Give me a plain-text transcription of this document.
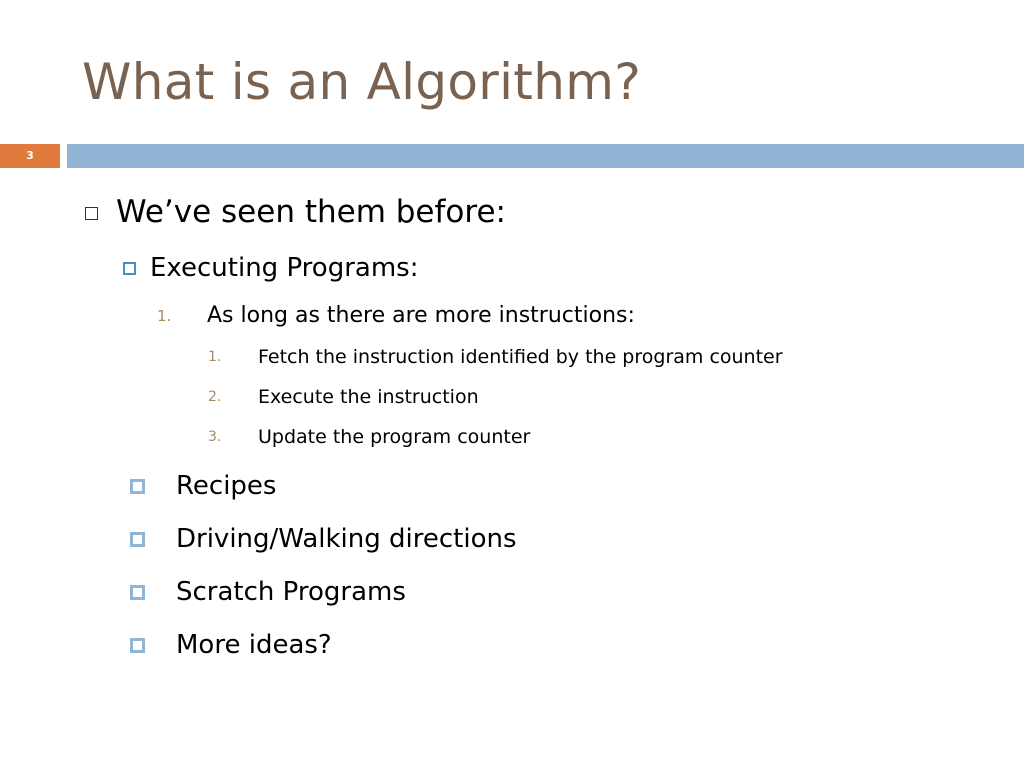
What is an Algorithm?
3
We’ve seen them before:
Executing Programs:
1. As long as there are more instructions:
1. Fetch the instruction identified by the program counter
2. Execute the instruction
3. Update the program counter
Recipes
Driving/Walking directions
Scratch Programs
More ideas?
